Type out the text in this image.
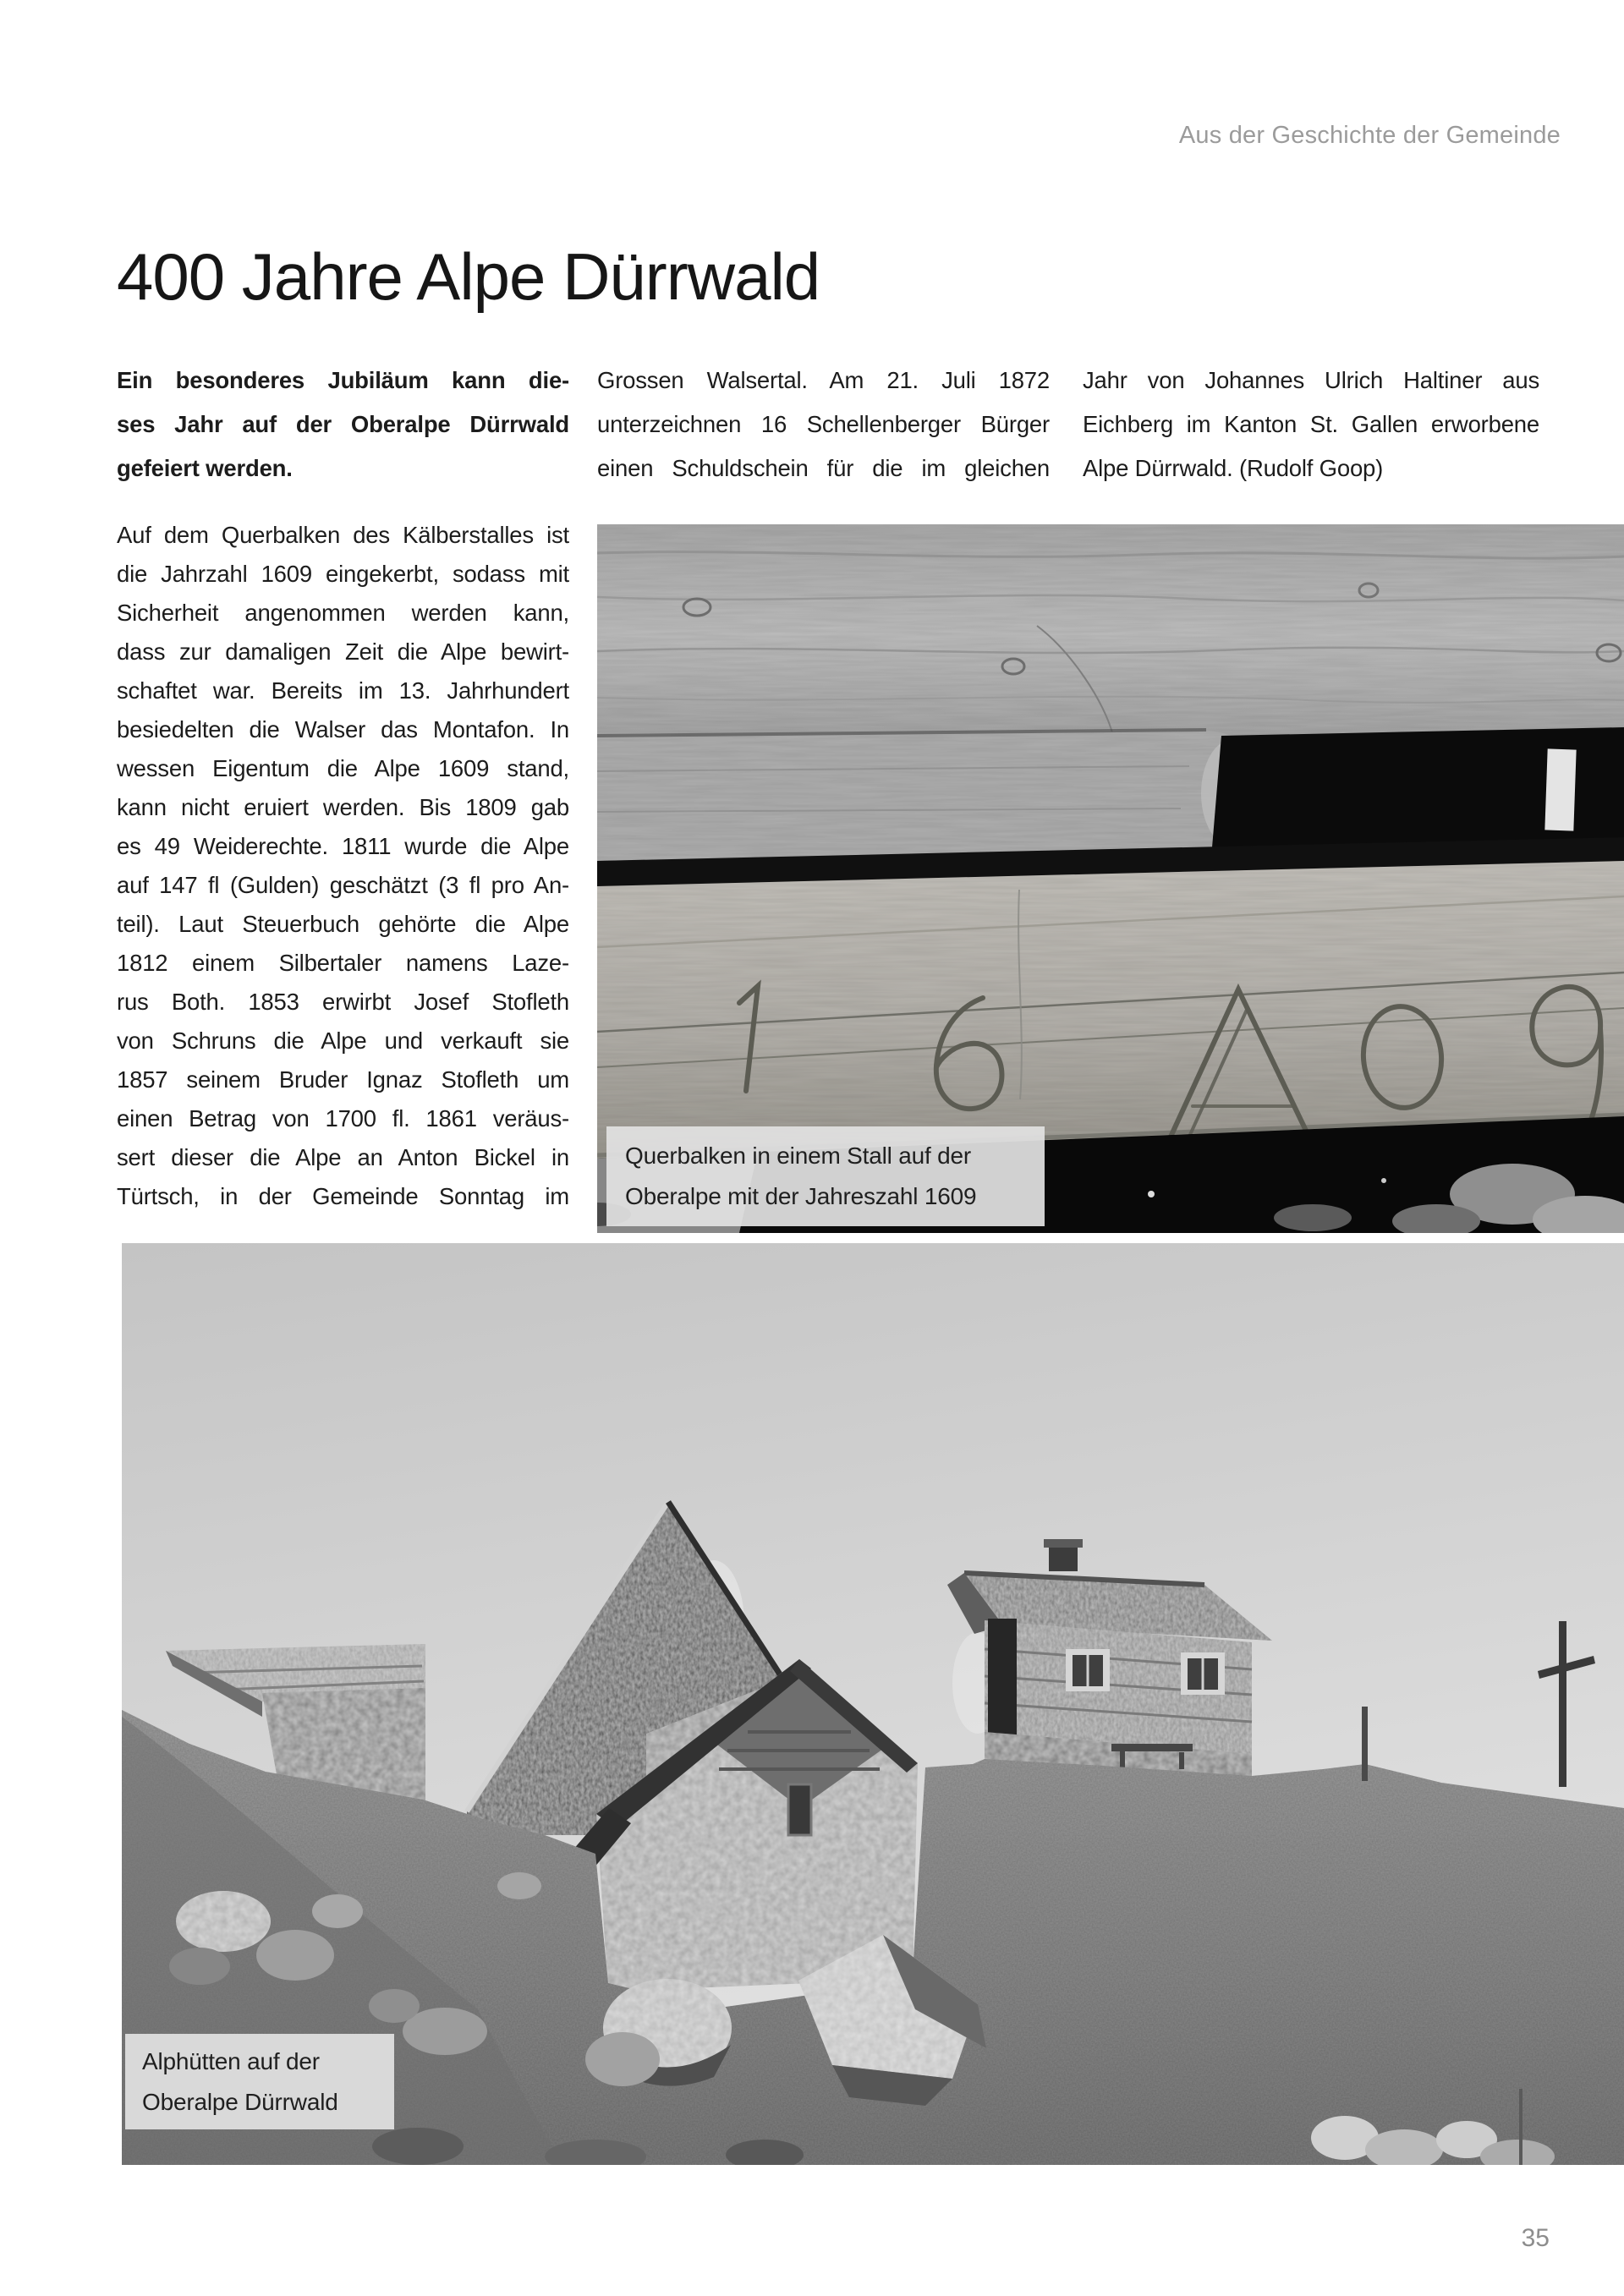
Aus der Geschichte der Gemeinde
400 Jahre Alpe Dürrwald
Ein besonderes Jubiläum kann die-
ses Jahr auf der Oberalpe Dürrwald
gefeiert werden.
Grossen Walsertal. Am 21. Juli 1872
unterzeichnen 16 Schellenberger Bürger
einen Schuldschein für die im gleichen
Jahr von Johannes Ulrich Haltiner aus
Eichberg im Kanton St. Gallen erworbene
Alpe Dürrwald. (Rudolf Goop)
Auf dem Querbalken des Kälberstalles ist
die Jahrzahl 1609 eingekerbt, sodass mit
Sicherheit angenommen werden kann,
dass zur damaligen Zeit die Alpe bewirt-
schaftet war. Bereits im 13. Jahrhundert
besiedelten die Walser das Montafon. In
wessen Eigentum die Alpe 1609 stand,
kann nicht eruiert werden. Bis 1809 gab
es 49 Weiderechte. 1811 wurde die Alpe
auf 147 fl (Gulden) geschätzt (3 fl pro An-
teil). Laut Steuerbuch gehörte die Alpe
1812 einem Silbertaler namens Laze-
rus Both. 1853 erwirbt Josef Stofleth
von Schruns die Alpe und verkauft sie
1857 seinem Bruder Ignaz Stofleth um
einen Betrag von 1700 fl. 1861 veräus-
sert dieser die Alpe an Anton Bickel in
Türtsch, in der Gemeinde Sonntag im
Querbalken in einem Stall auf der
Oberalpe mit der Jahreszahl 1609
Alphütten auf der
Oberalpe Dürrwald
35
